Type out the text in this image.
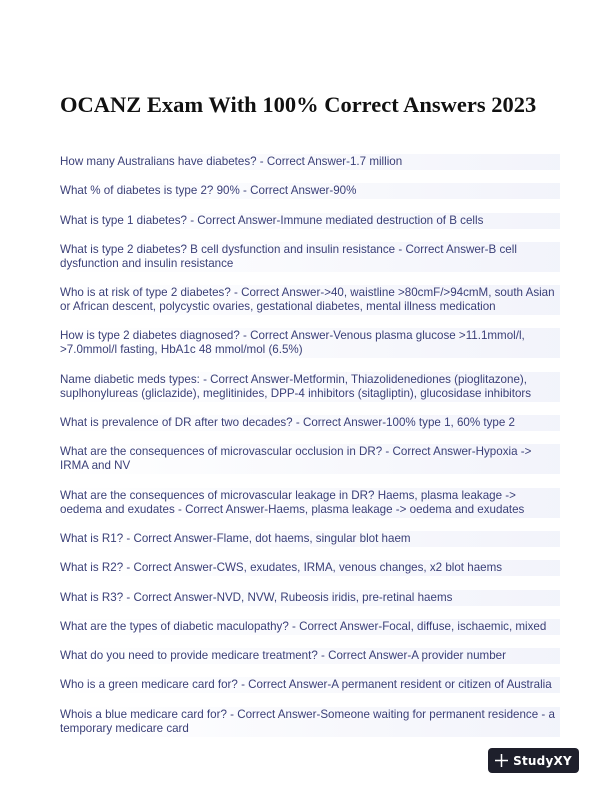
OCANZ Exam With 100% Correct Answers 2023
How many Australians have diabetes? - Correct Answer-1.7 million
What % of diabetes is type 2? 90% - Correct Answer-90%
What is type 1 diabetes? - Correct Answer-Immune mediated destruction of B cells
What is type 2 diabetes? B cell dysfunction and insulin resistance - Correct Answer-B cell dysfunction and insulin resistance
Who is at risk of type 2 diabetes? - Correct Answer->40, waistline >80cmF/>94cmM, south Asian or African descent, polycystic ovaries, gestational diabetes, mental illness medication
How is type 2 diabetes diagnosed? - Correct Answer-Venous plasma glucose >11.1mmol/l, >7.0mmol/l fasting, HbA1c 48 mmol/mol (6.5%)
Name diabetic meds types: - Correct Answer-Metformin, Thiazolidenediones (pioglitazone), suplhonylureas (gliclazide), meglitinides, DPP-4 inhibitors (sitagliptin), glucosidase inhibitors
What is prevalence of DR after two decades? - Correct Answer-100% type 1, 60% type 2
What are the consequences of microvascular occlusion in DR? - Correct Answer-Hypoxia -> IRMA and NV
What are the consequences of microvascular leakage in DR? Haems, plasma leakage -> oedema and exudates - Correct Answer-Haems, plasma leakage -> oedema and exudates
What is R1? - Correct Answer-Flame, dot haems, singular blot haem
What is R2? - Correct Answer-CWS, exudates, IRMA, venous changes, x2 blot haems
What is R3? - Correct Answer-NVD, NVW, Rubeosis iridis, pre-retinal haems
What are the types of diabetic maculopathy? - Correct Answer-Focal, diffuse, ischaemic, mixed
What do you need to provide medicare treatment? - Correct Answer-A provider number
Who is a green medicare card for? - Correct Answer-A permanent resident or citizen of Australia
Whois a blue medicare card for? - Correct Answer-Someone waiting for permanent residence - a temporary medicare card
StudyXY
